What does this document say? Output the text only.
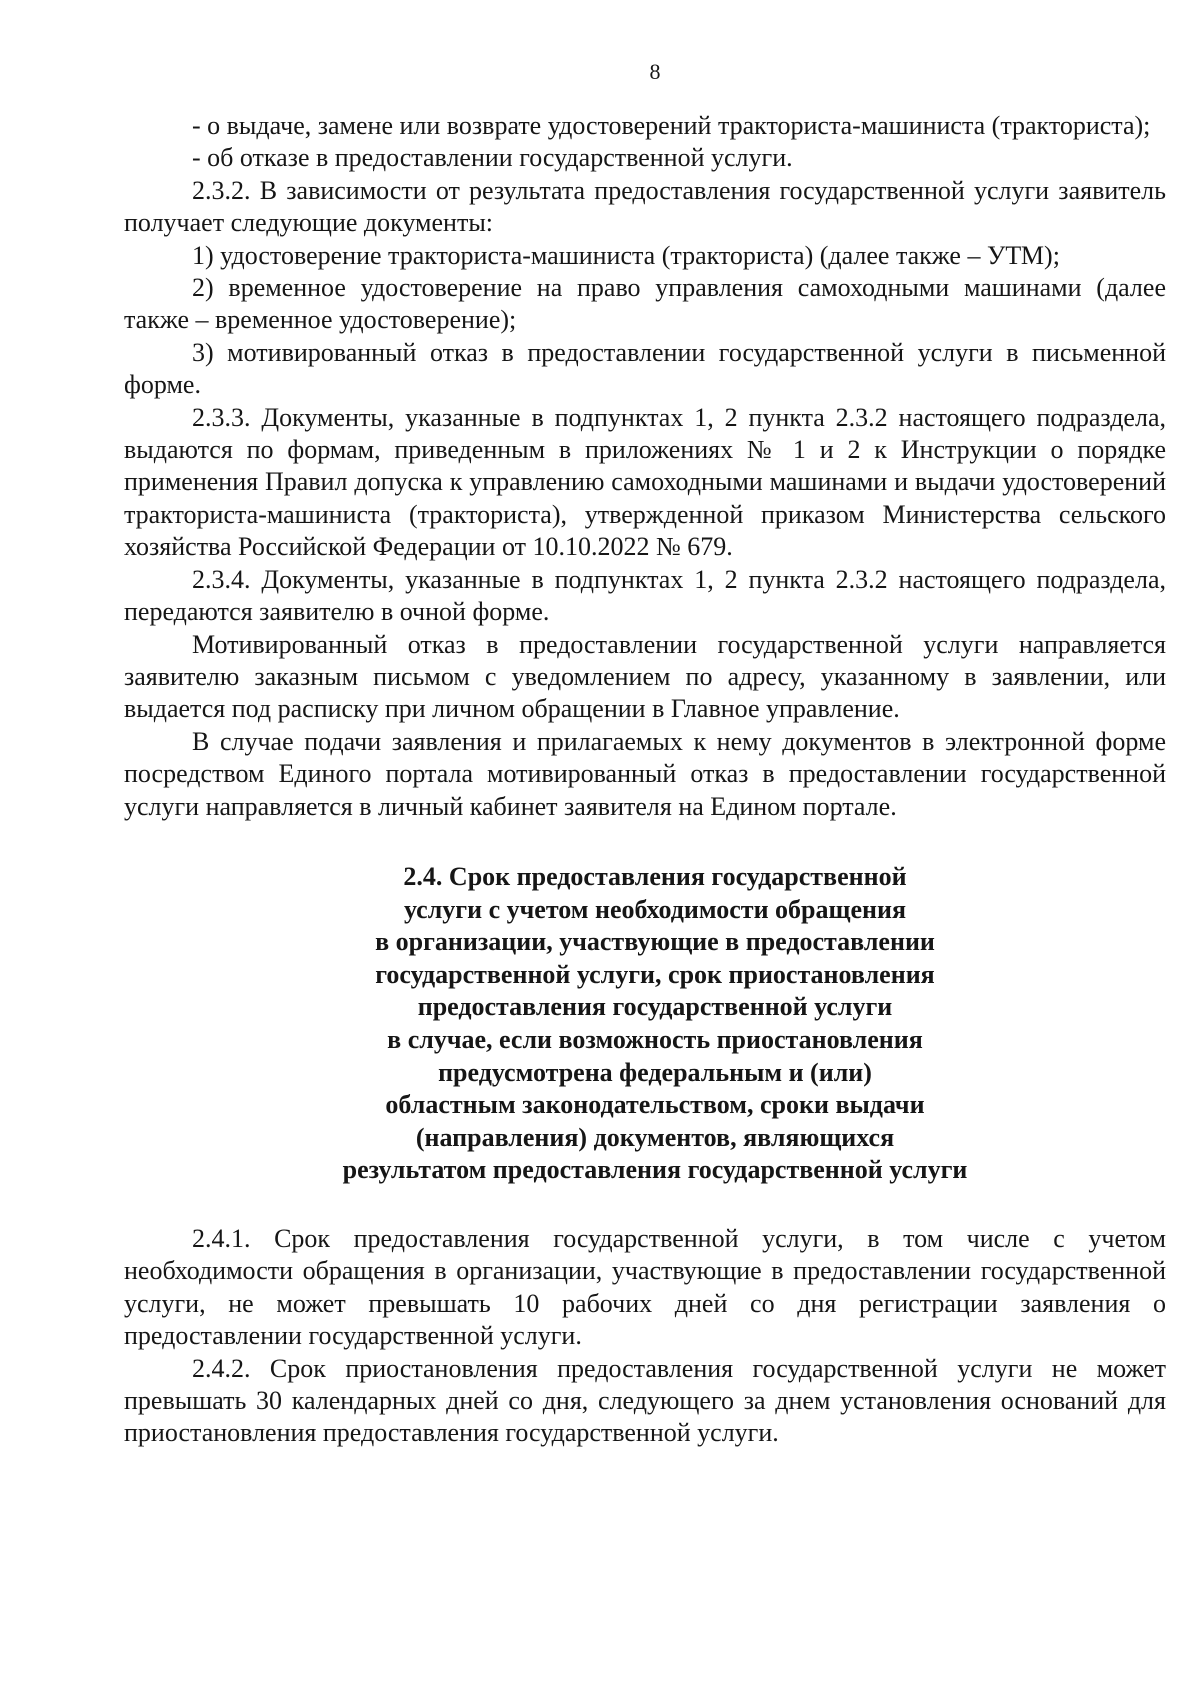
8

- о выдаче, замене или возврате удостоверений тракториста-машиниста (тракториста);

- об отказе в предоставлении государственной услуги.

2.3.2. В зависимости от результата предоставления государственной услуги заявитель получает следующие документы:

1) удостоверение тракториста-машиниста (тракториста) (далее также – УТМ);

2) временное удостоверение на право управления самоходными машинами (далее также – временное удостоверение);

3) мотивированный отказ в предоставлении государственной услуги в письменной форме.

2.3.3. Документы, указанные в подпунктах 1, 2 пункта 2.3.2 настоящего подраздела, выдаются по формам, приведенным в приложениях № 1 и 2 к Инструкции о порядке применения Правил допуска к управлению самоходными машинами и выдачи удостоверений тракториста-машиниста (тракториста), утвержденной приказом Министерства сельского хозяйства Российской Федерации от 10.10.2022 № 679.

2.3.4. Документы, указанные в подпунктах 1, 2 пункта 2.3.2 настоящего подраздела, передаются заявителю в очной форме.

Мотивированный отказ в предоставлении государственной услуги направляется заявителю заказным письмом с уведомлением по адресу, указанному в заявлении, или выдается под расписку при личном обращении в Главное управление.

В случае подачи заявления и прилагаемых к нему документов в электронной форме посредством Единого портала мотивированный отказ в предоставлении государственной услуги направляется в личный кабинет заявителя на Едином портале.

2.4. Срок предоставления государственной
услуги с учетом необходимости обращения
в организации, участвующие в предоставлении
государственной услуги, срок приостановления
предоставления государственной услуги
в случае, если возможность приостановления
предусмотрена федеральным и (или)
областным законодательством, сроки выдачи
(направления) документов, являющихся
результатом предоставления государственной услуги

2.4.1. Срок предоставления государственной услуги, в том числе с учетом необходимости обращения в организации, участвующие в предоставлении государственной услуги, не может превышать 10 рабочих дней со дня регистрации заявления о предоставлении государственной услуги.

2.4.2. Срок приостановления предоставления государственной услуги не может превышать 30 календарных дней со дня, следующего за днем установления оснований для приостановления предоставления государственной услуги.
